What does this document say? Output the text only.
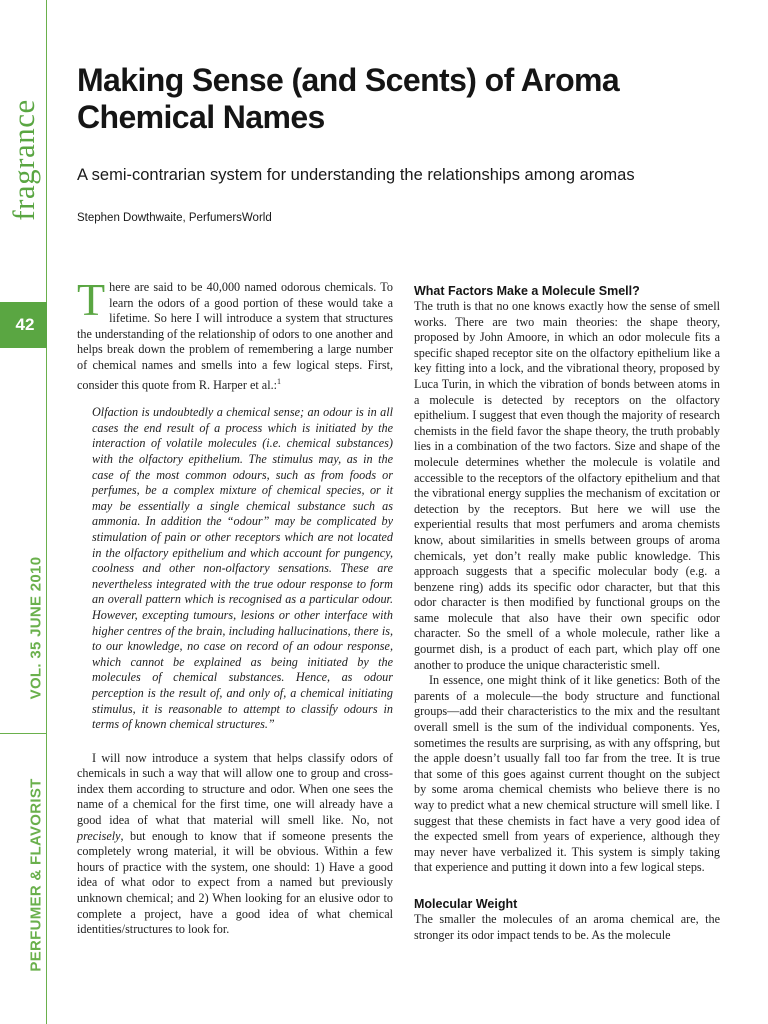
fragrance
42
VOL. 35 JUNE 2010
PERFUMER & FLAVORIST
Making Sense (and Scents) of Aroma Chemical Names
A semi-contrarian system for understanding the relationships among aromas
Stephen Dowthwaite, PerfumersWorld

There are said to be 40,000 named odorous chemicals. To learn the odors of a good portion of these would take a lifetime. So here I will introduce a system that structures the understanding of the relationship of odors to one another and helps break down the problem of remembering a large number of chemical names and smells into a few logical steps. First, consider this quote from R. Harper et al.:$^1$

Olfaction is undoubtedly a chemical sense; an odour is in all cases the end result of a process which is initiated by the interaction of volatile molecules (i.e. chemical substances) with the olfactory epithelium. The stimulus may, as in the case of the most common odours, such as from foods or perfumes, be a complex mixture of chemical species, or it may be essentially a single chemical substance such as ammonia. In addition the “odour” may be complicated by stimulation of pain or other receptors which are not located in the olfactory epithelium and which account for pungency, coolness and other non-olfactory sensations. These are nevertheless integrated with the true odour response to form an overall pattern which is recognised as a particular odour. However, excepting tumours, lesions or other interface with higher centres of the brain, including hallucinations, there is, to our knowledge, no case on record of an odour response, which cannot be explained as being initiated by the molecules of chemical substances. Hence, as odour perception is the result of, and only of, a chemical initiating stimulus, it is reasonable to attempt to classify odours in terms of known chemical structures.”

I will now introduce a system that helps classify odors of chemicals in such a way that will allow one to group and cross-index them according to structure and odor. When one sees the name of a chemical for the first time, one will already have a good idea of what that material will smell like. No, not precisely, but enough to know that if someone presents the completely wrong material, it will be obvious. Within a few hours of practice with the system, one should: 1) Have a good idea of what odor to expect from a named but previously unknown chemical; and 2) When looking for an elusive odor to complete a project, have a good idea of what chemical identities/structures to look for.

What Factors Make a Molecule Smell?

The truth is that no one knows exactly how the sense of smell works. There are two main theories: the shape theory, proposed by John Amoore, in which an odor molecule fits a specific shaped receptor site on the olfactory epithelium like a key fitting into a lock, and the vibrational theory, proposed by Luca Turin, in which the vibration of bonds between atoms in a molecule is detected by receptors on the olfactory epithelium. I suggest that even though the majority of research chemists in the field favor the shape theory, the truth probably lies in a combination of the two factors. Size and shape of the molecule determines whether the molecule is volatile and accessible to the receptors of the olfactory epithelium and that the vibrational energy supplies the mechanism of excitation or detection by the receptors. But here we will use the experiential results that most perfumers and aroma chemists know, about similarities in smells between groups of aroma chemicals, yet don’t really make public knowledge. This approach suggests that a specific molecular body (e.g. a benzene ring) adds its specific odor character, but that this odor character is then modified by functional groups on the same molecule that also have their own specific odor character. So the smell of a whole molecule, rather like a gourmet dish, is a product of each part, which play off one another to produce the unique characteristic smell.

In essence, one might think of it like genetics: Both of the parents of a molecule—the body structure and functional groups—add their characteristics to the mix and the resultant overall smell is the sum of the individual components. Yes, sometimes the results are surprising, as with any offspring, but the apple doesn’t usually fall too far from the tree. It is true that some of this goes against current thought on the subject by some aroma chemical chemists who believe there is no way to predict what a new chemical structure will smell like. I suggest that these chemists in fact have a very good idea of the expected smell from years of experience, although they may never have verbalized it. This system is simply taking that experience and putting it down into a few logical steps.

Molecular Weight

The smaller the molecules of an aroma chemical are, the stronger its odor impact tends to be. As the molecule
